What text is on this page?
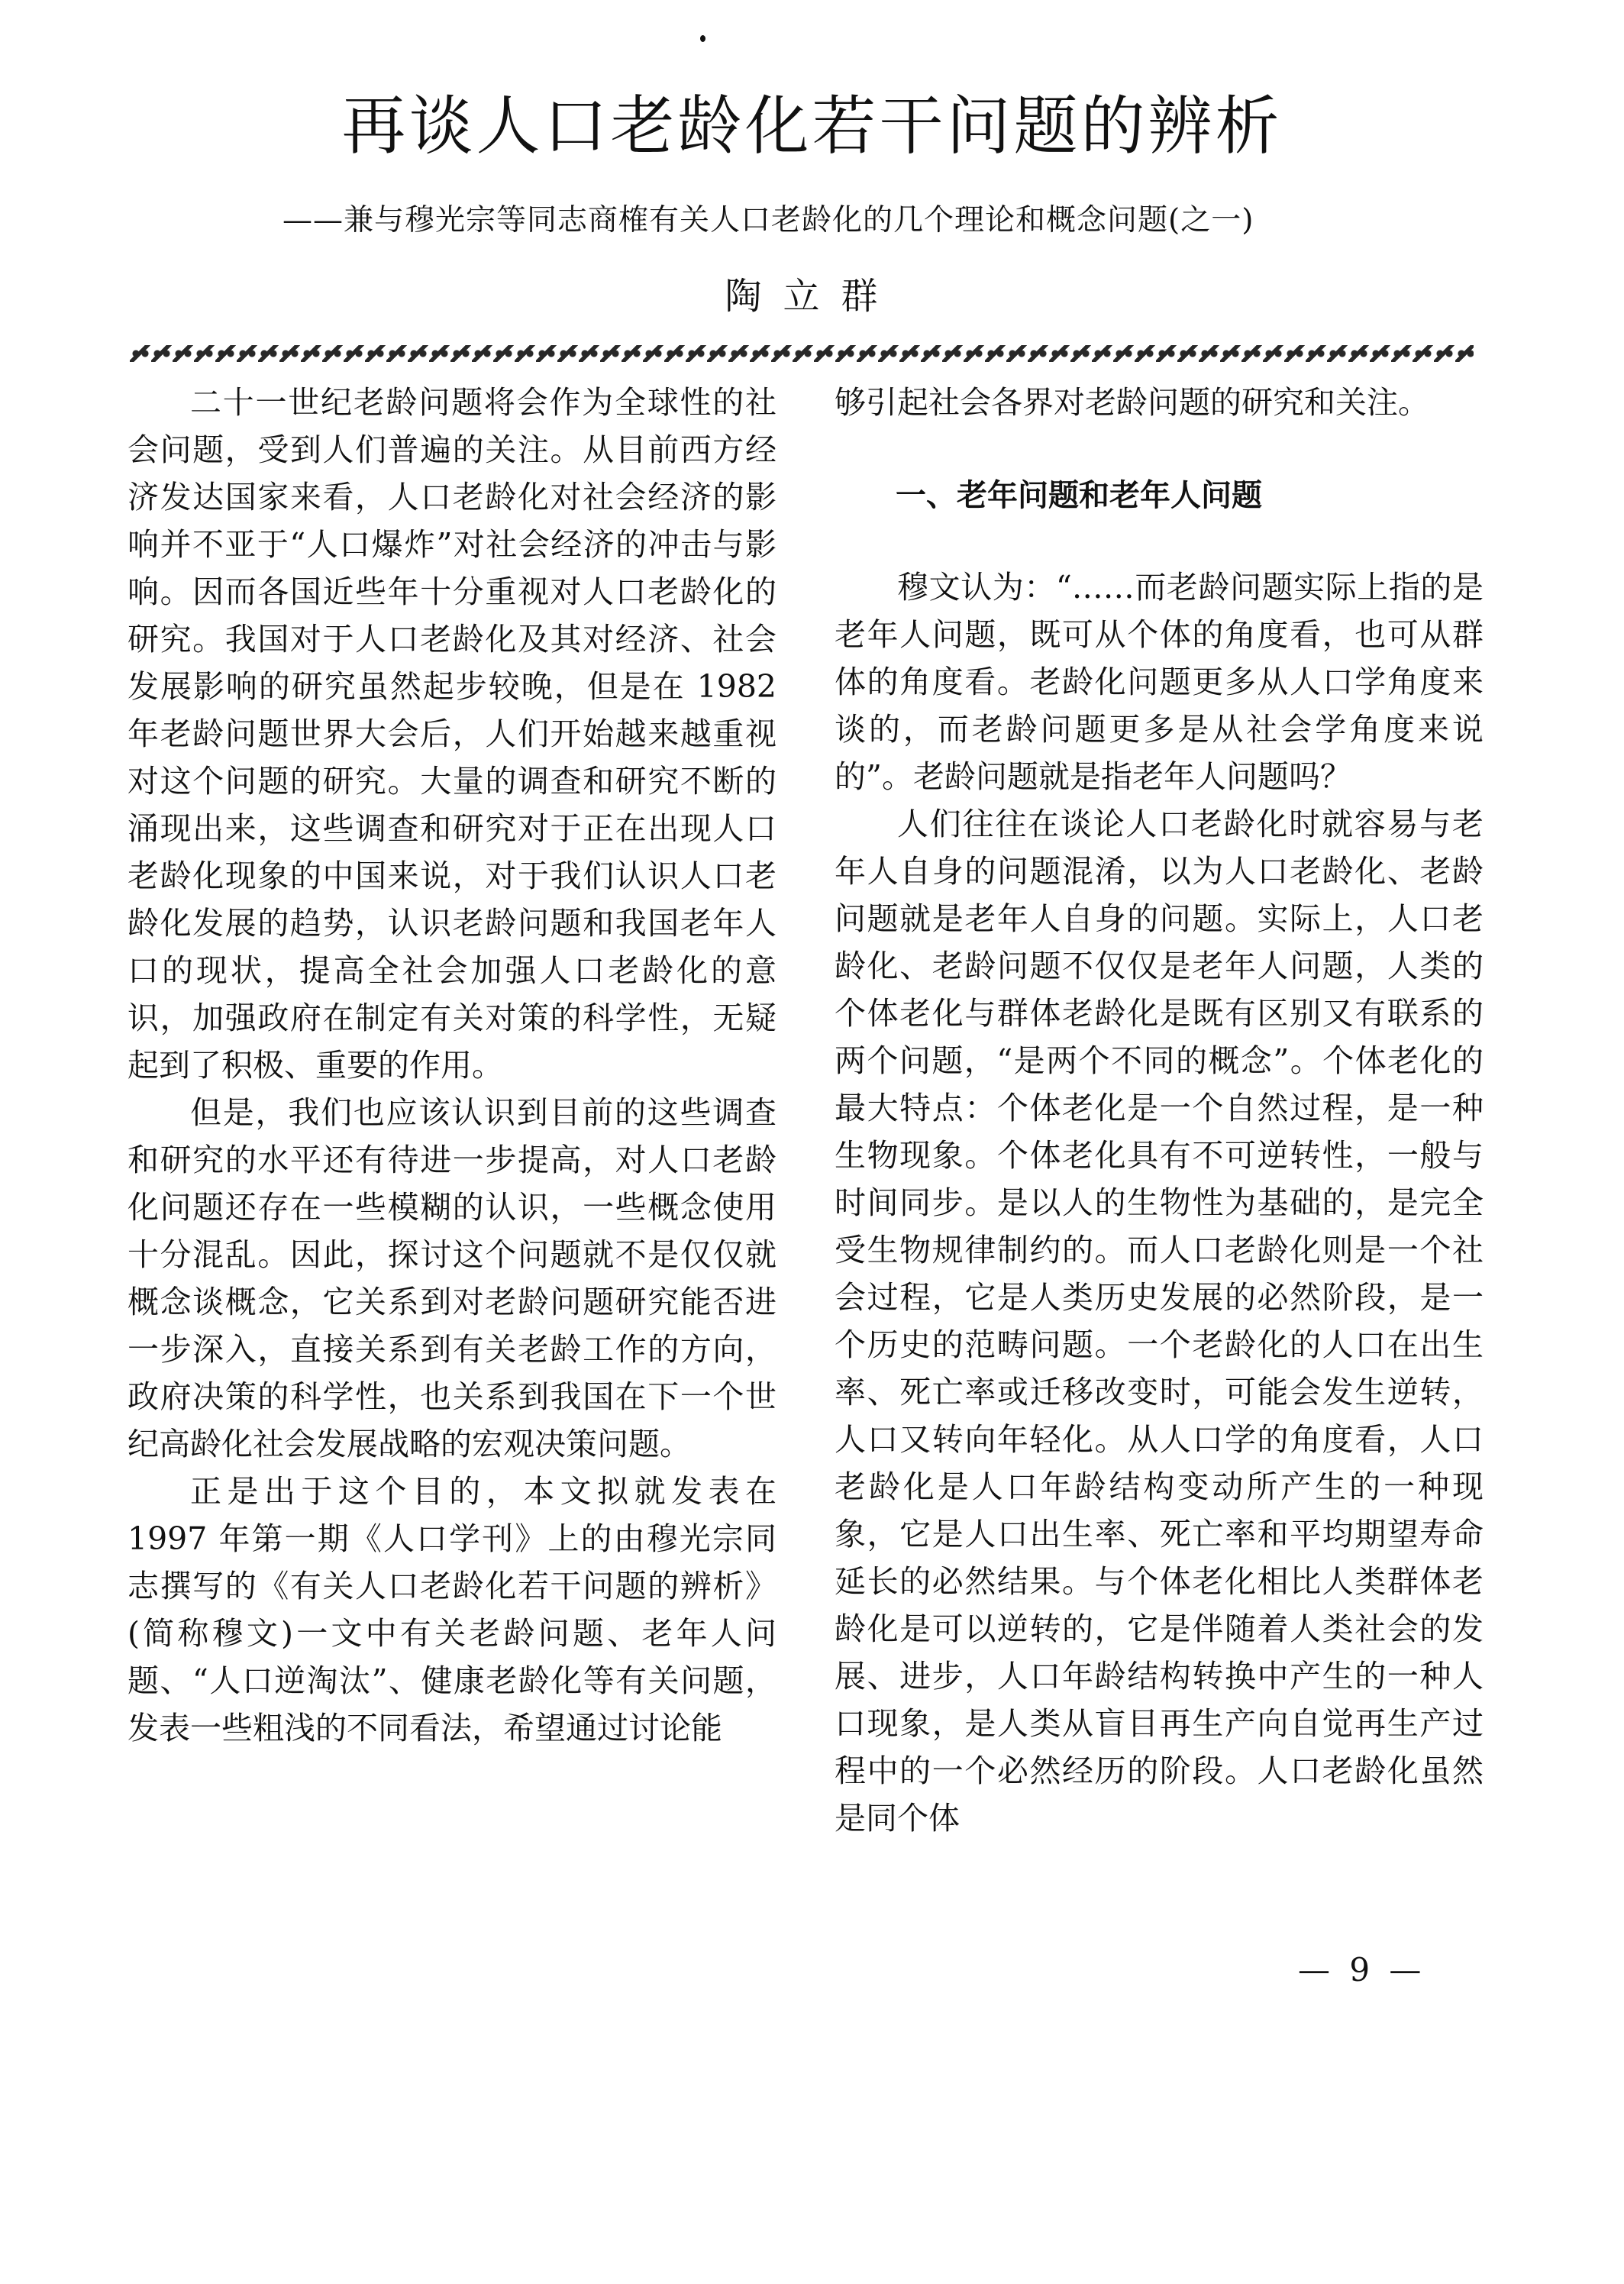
再谈人口老龄化若干问题的辨析
——兼与穆光宗等同志商榷有关人口老龄化的几个理论和概念问题(之一)
陶立群

二十一世纪老龄问题将会作为全球性的社会问题，受到人们普遍的关注。从目前西方经济发达国家来看，人口老龄化对社会经济的影响并不亚于“人口爆炸”对社会经济的冲击与影响。因而各国近些年十分重视对人口老龄化的研究。我国对于人口老龄化及其对经济、社会发展影响的研究虽然起步较晚，但是在 1982 年老龄问题世界大会后，人们开始越来越重视对这个问题的研究。大量的调查和研究不断的涌现出来，这些调查和研究对于正在出现人口老龄化现象的中国来说，对于我们认识人口老龄化发展的趋势，认识老龄问题和我国老年人口的现状，提高全社会加强人口老龄化的意识，加强政府在制定有关对策的科学性，无疑起到了积极、重要的作用。

但是，我们也应该认识到目前的这些调查和研究的水平还有待进一步提高，对人口老龄化问题还存在一些模糊的认识，一些概念使用十分混乱。因此，探讨这个问题就不是仅仅就概念谈概念，它关系到对老龄问题研究能否进一步深入，直接关系到有关老龄工作的方向，政府决策的科学性，也关系到我国在下一个世纪高龄化社会发展战略的宏观决策问题。

正是出于这个目的，本文拟就发表在 1997 年第一期《人口学刊》上的由穆光宗同志撰写的《有关人口老龄化若干问题的辨析》(简称穆文)一文中有关老龄问题、老年人问题、“人口逆淘汰”、健康老龄化等有关问题，发表一些粗浅的不同看法，希望通过讨论能

够引起社会各界对老龄问题的研究和关注。

一、老年问题和老年人问题

穆文认为：“……而老龄问题实际上指的是老年人问题，既可从个体的角度看，也可从群体的角度看。老龄化问题更多从人口学角度来谈的，而老龄问题更多是从社会学角度来说的”。老龄问题就是指老年人问题吗？

人们往往在谈论人口老龄化时就容易与老年人自身的问题混淆，以为人口老龄化、老龄问题就是老年人自身的问题。实际上，人口老龄化、老龄问题不仅仅是老年人问题，人类的个体老化与群体老龄化是既有区别又有联系的两个问题，“是两个不同的概念”。个体老化的最大特点：个体老化是一个自然过程，是一种生物现象。个体老化具有不可逆转性，一般与时间同步。是以人的生物性为基础的，是完全受生物规律制约的。而人口老龄化则是一个社会过程，它是人类历史发展的必然阶段，是一个历史的范畴问题。一个老龄化的人口在出生率、死亡率或迁移改变时，可能会发生逆转，人口又转向年轻化。从人口学的角度看，人口老龄化是人口年龄结构变动所产生的一种现象，它是人口出生率、死亡率和平均期望寿命延长的必然结果。与个体老化相比人类群体老龄化是可以逆转的，它是伴随着人类社会的发展、进步，人口年龄结构转换中产生的一种人口现象，是人类从盲目再生产向自觉再生产过程中的一个必然经历的阶段。人口老龄化虽然是同个体

— 9 —
